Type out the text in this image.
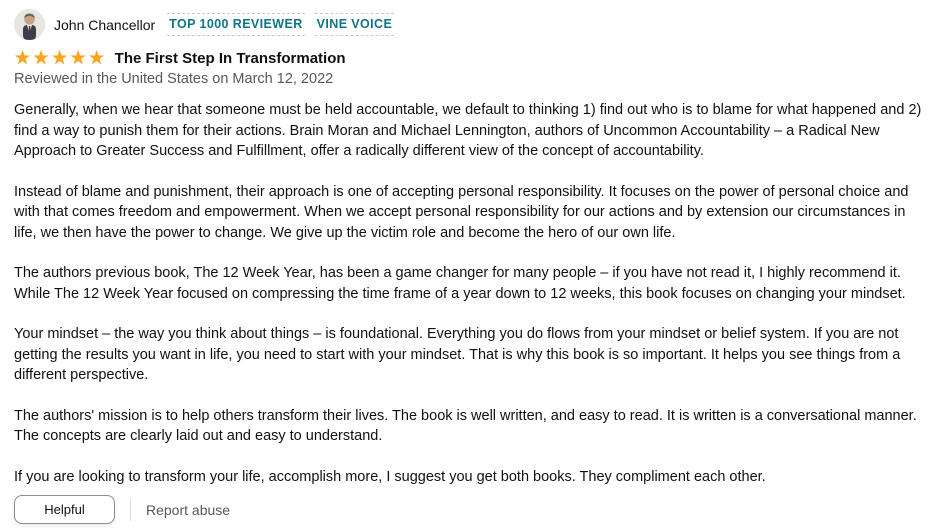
John Chancellor TOP 1000 REVIEWER VINE VOICE
★★★★★ The First Step In Transformation
Reviewed in the United States on March 12, 2022

Generally, when we hear that someone must be held accountable, we default to thinking 1) find out who is to blame for what happened and 2) find a way to punish them for their actions. Brain Moran and Michael Lennington, authors of Uncommon Accountability – a Radical New Approach to Greater Success and Fulfillment, offer a radically different view of the concept of accountability.

Instead of blame and punishment, their approach is one of accepting personal responsibility. It focuses on the power of personal choice and with that comes freedom and empowerment. When we accept personal responsibility for our actions and by extension our circumstances in life, we then have the power to change. We give up the victim role and become the hero of our own life.

The authors previous book, The 12 Week Year, has been a game changer for many people – if you have not read it, I highly recommend it. While The 12 Week Year focused on compressing the time frame of a year down to 12 weeks, this book focuses on changing your mindset.

Your mindset – the way you think about things – is foundational. Everything you do flows from your mindset or belief system. If you are not getting the results you want in life, you need to start with your mindset. That is why this book is so important. It helps you see things from a different perspective.

The authors' mission is to help others transform their lives. The book is well written, and easy to read. It is written is a conversational manner. The concepts are clearly laid out and easy to understand.

If you are looking to transform your life, accomplish more, I suggest you get both books. They compliment each other.

Helpful	Report abuse
